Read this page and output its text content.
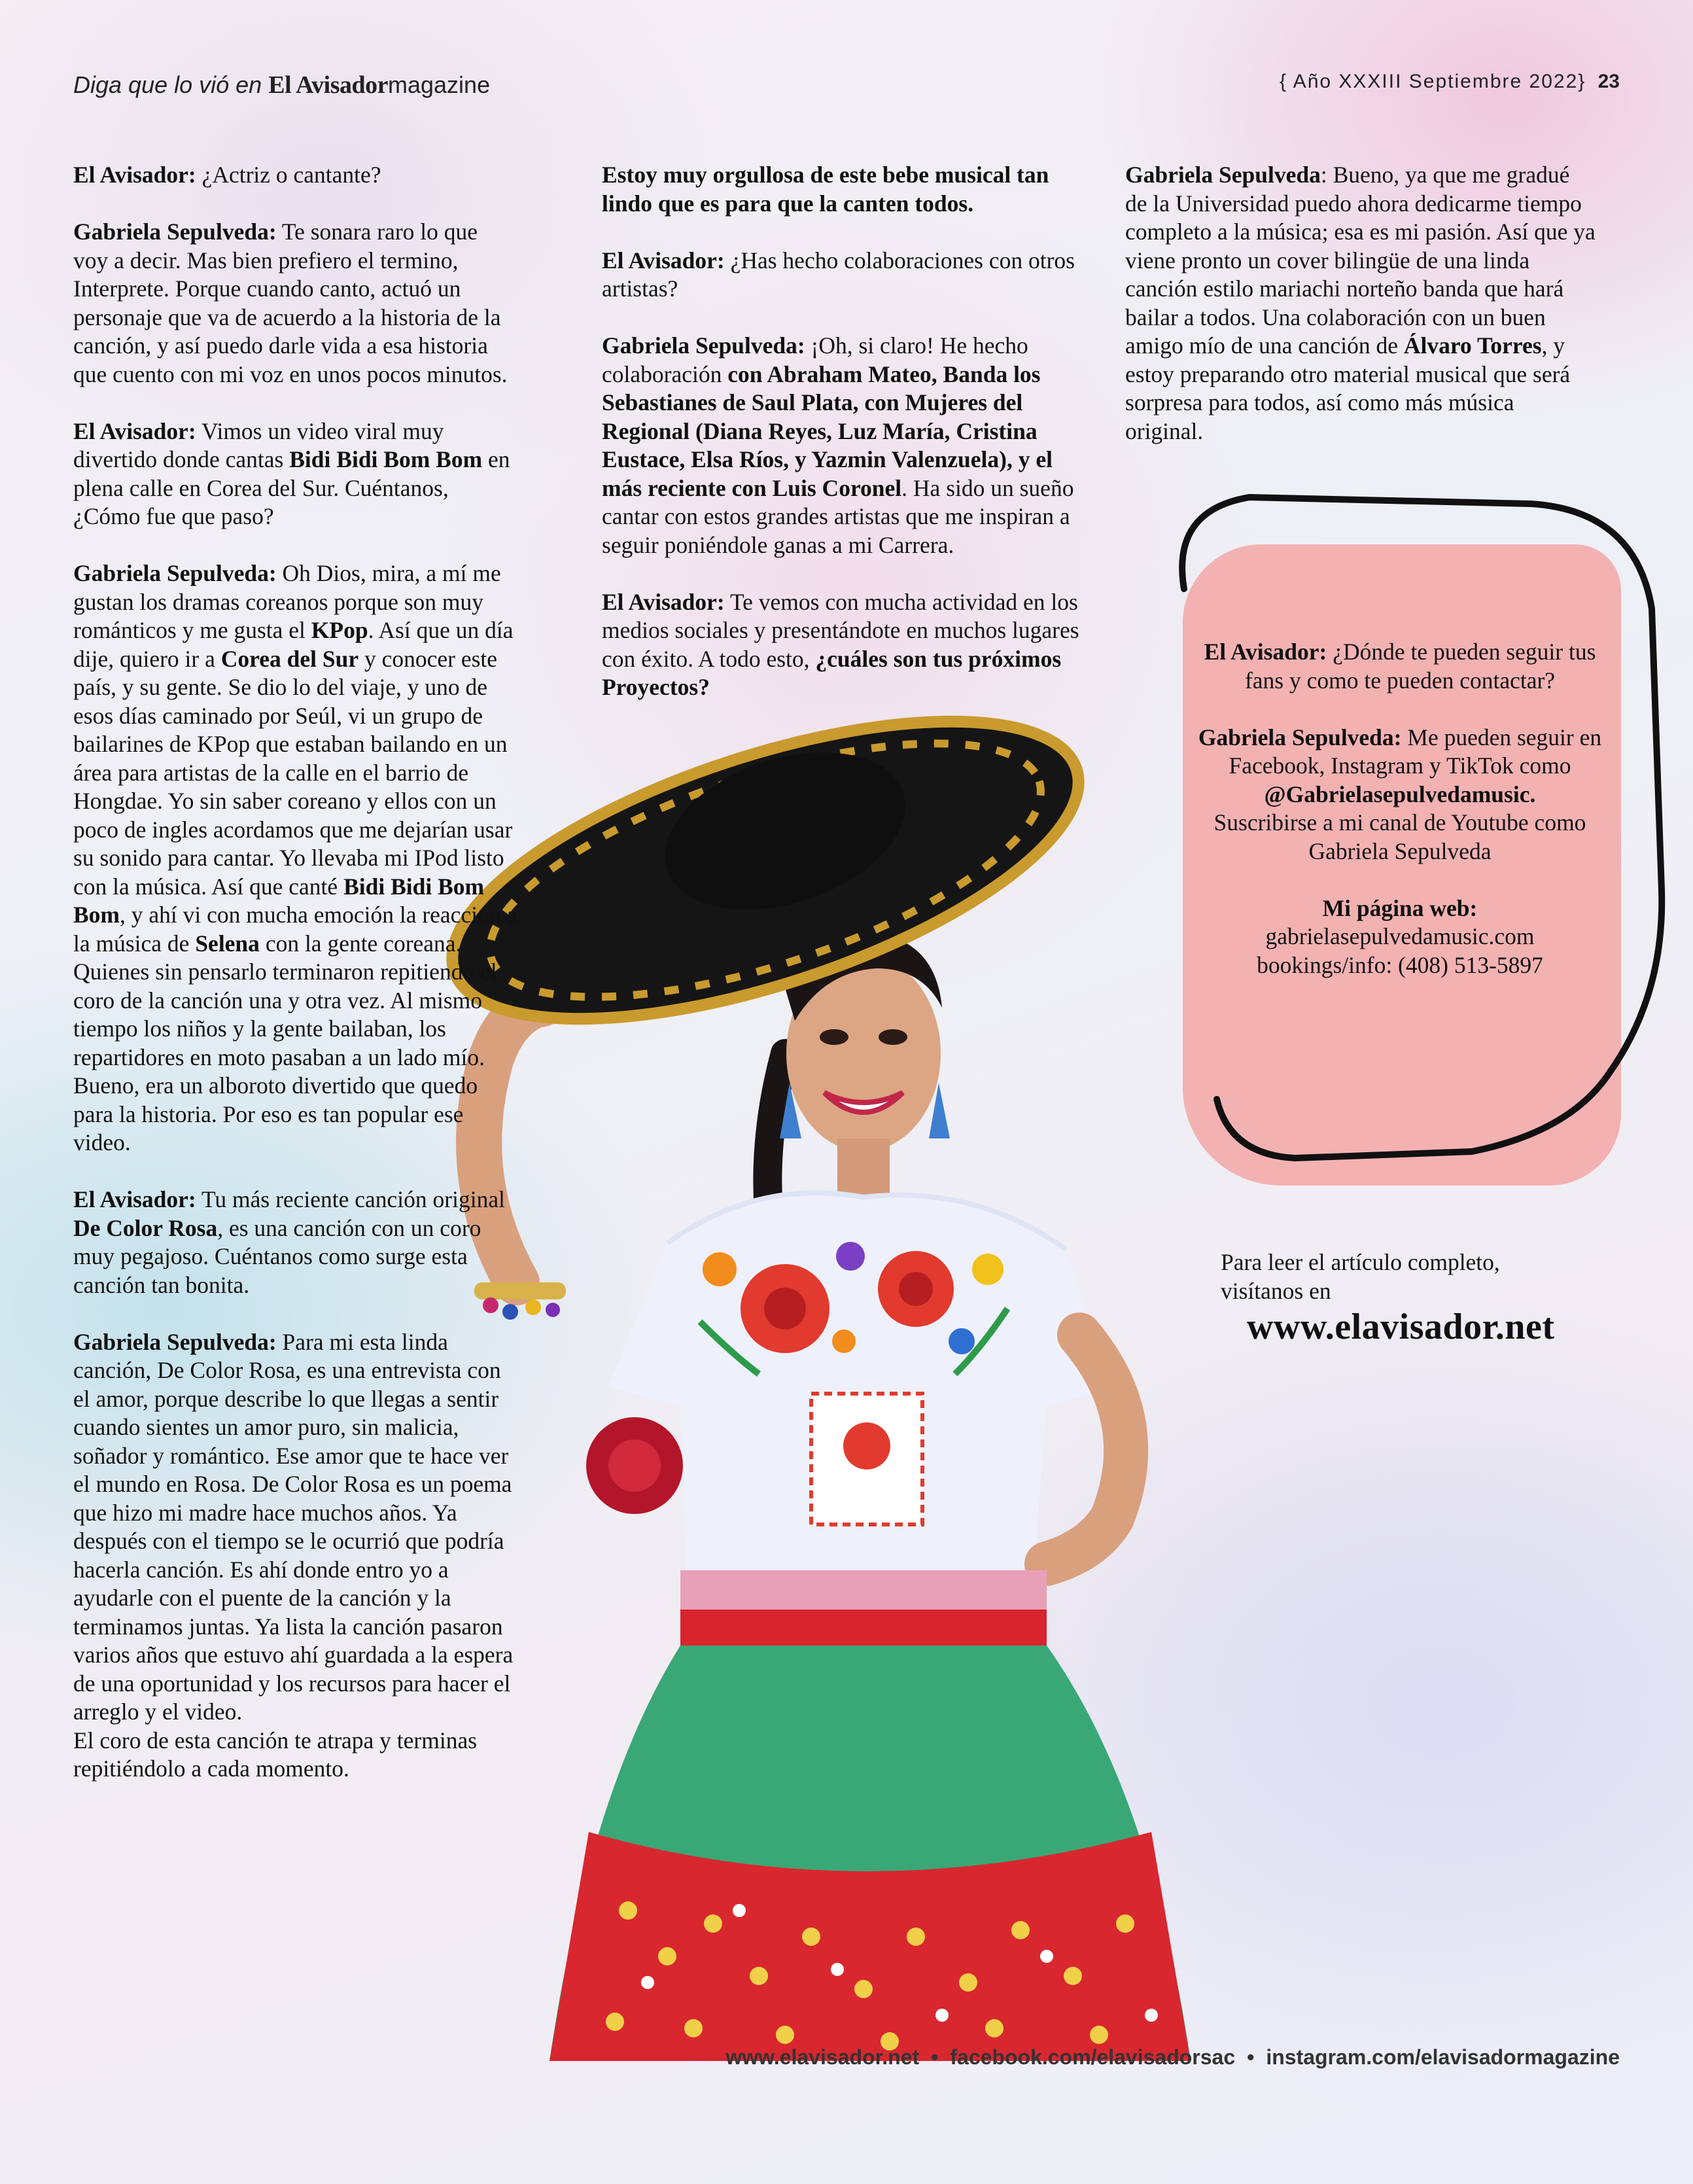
Diga que lo vió en El Avisadormagazine	{ Año XXXIII Septiembre 2022} 23

El Avisador: ¿Actriz o cantante?

Gabriela Sepulveda: Te sonara raro lo que voy a decir. Mas bien prefiero el termino, Interprete. Porque cuando canto, actuó un personaje que va de acuerdo a la historia de la canción, y así puedo darle vida a esa historia que cuento con mi voz en unos pocos minutos.

El Avisador: Vimos un video viral muy divertido donde cantas Bidi Bidi Bom Bom en plena calle en Corea del Sur. Cuéntanos, ¿Cómo fue que paso?

Gabriela Sepulveda: Oh Dios, mira, a mí me gustan los dramas coreanos porque son muy románticos y me gusta el KPop. Así que un día dije, quiero ir a Corea del Sur y conocer este país, y su gente. Se dio lo del viaje, y uno de esos días caminado por Seúl, vi un grupo de bailarines de KPop que estaban bailando en un área para artistas de la calle en el barrio de Hongdae. Yo sin saber coreano y ellos con un poco de ingles acordamos que me dejarían usar su sonido para cantar. Yo llevaba mi IPod listo con la música. Así que canté Bidi Bidi Bom Bom, y ahí vi con mucha emoción la reacción a la música de Selena con la gente coreana. Quienes sin pensarlo terminaron repitiendo el coro de la canción una y otra vez. Al mismo tiempo los niños y la gente bailaban, los repartidores en moto pasaban a un lado mío. Bueno, era un alboroto divertido que quedo para la historia. Por eso es tan popular ese video.

El Avisador: Tu más reciente canción original De Color Rosa, es una canción con un coro muy pegajoso. Cuéntanos como surge esta canción tan bonita.

Gabriela Sepulveda: Para mi esta linda canción, De Color Rosa, es una entrevista con el amor, porque describe lo que llegas a sentir cuando sientes un amor puro, sin malicia, soñador y romántico. Ese amor que te hace ver el mundo en Rosa. De Color Rosa es un poema que hizo mi madre hace muchos años. Ya después con el tiempo se le ocurrió que podría hacerla canción. Es ahí donde entro yo a ayudarle con el puente de la canción y la terminamos juntas. Ya lista la canción pasaron varios años que estuvo ahí guardada a la espera de una oportunidad y los recursos para hacer el arreglo y el video.

El coro de esta canción te atrapa y terminas repitiéndolo a cada momento.

Estoy muy orgullosa de este bebe musical tan lindo que es para que la canten todos.

El Avisador: ¿Has hecho colaboraciones con otros artistas?

Gabriela Sepulveda: ¡Oh, si claro! He hecho colaboración con Abraham Mateo, Banda los Sebastianes de Saul Plata, con Mujeres del Regional (Diana Reyes, Luz María, Cristina Eustace, Elsa Ríos, y Yazmin Valenzuela), y el más reciente con Luis Coronel. Ha sido un sueño cantar con estos grandes artistas que me inspiran a seguir poniéndole ganas a mi Carrera.

El Avisador: Te vemos con mucha actividad en los medios sociales y presentándote en muchos lugares con éxito. A todo esto, ¿cuáles son tus próximos Proyectos?

Gabriela Sepulveda: Bueno, ya que me gradué de la Universidad puedo ahora dedicarme tiempo completo a la música; esa es mi pasión. Así que ya viene pronto un cover bilingüe de una linda canción estilo mariachi norteño banda que hará bailar a todos. Una colaboración con un buen amigo mío de una canción de Álvaro Torres, y estoy preparando otro material musical que será sorpresa para todos, así como más música original.

El Avisador: ¿Dónde te pueden seguir tus fans y como te pueden contactar?

Gabriela Sepulveda: Me pueden seguir en Facebook, Instagram y TikTok como

@Gabrielasepulvedamusic.

Suscribirse a mi canal de Youtube como Gabriela Sepulveda

Mi página web:

gabrielasepulvedamusic.com

bookings/info: (408) 513-5897

Para leer el artículo completo, visítanos en
www.elavisador.net
www.elavisador.net • facebook.com/elavisadorsac • instagram.com/elavisadormagazine
